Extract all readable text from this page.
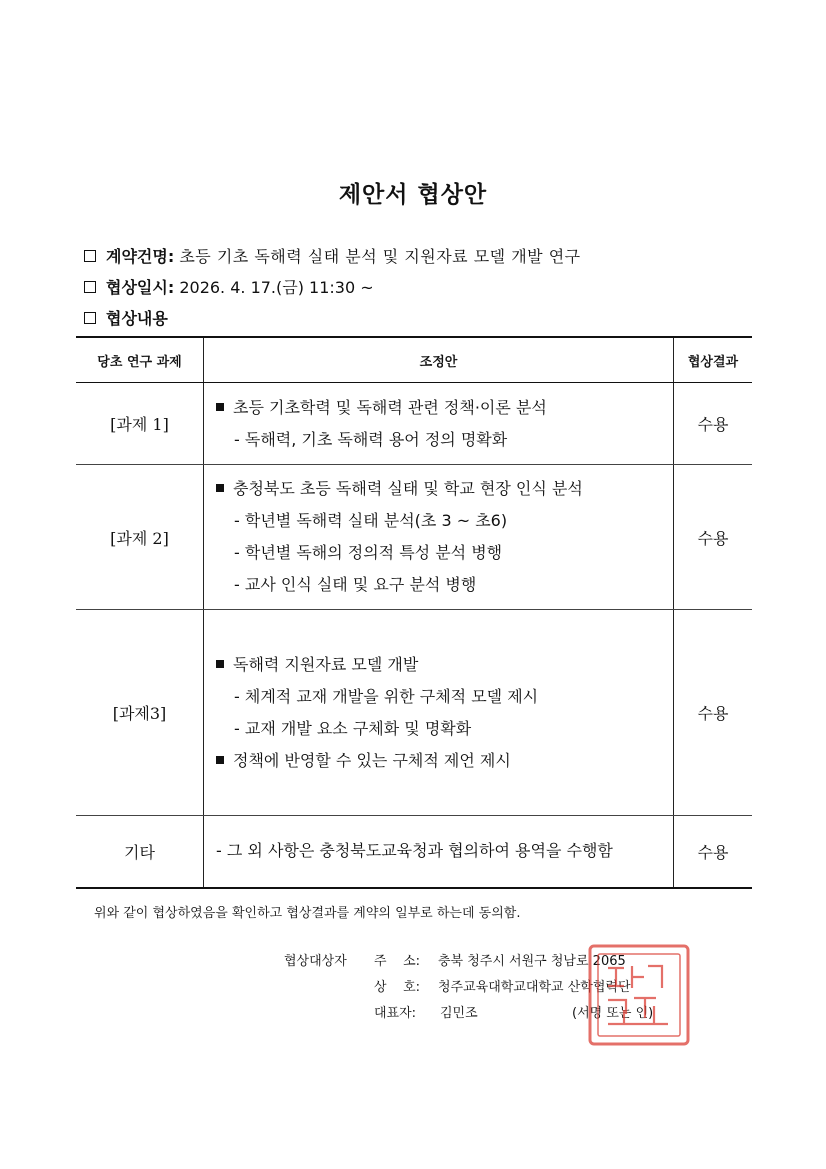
제안서 협상안
계약건명:
초등 기초 독해력 실태 분석 및 지원자료 모델 개발 연구
협상일시:
2026. 4. 17.(금) 11:30 ~
협상내용
당초 연구 과제	조정안	협상결과
[과제 1]	초등 기초학력 및 독해력 관련 정책·이론 분석
- 독해력, 기초 독해력 용어 정의 명확화	수용
[과제 2]	충청북도 초등 독해력 실태 및 학교 현장 인식 분석
- 학년별 독해력 실태 분석(초 3 ~ 초6)
- 학년별 독해의 정의적 특성 분석 병행
- 교사 인식 실태 및 요구 분석 병행	수용
[과제3]	독해력 지원자료 모델 개발
- 체계적 교재 개발을 위한 구체적 모델 제시
- 교재 개발 요소 구체화 및 명확화
정책에 반영할 수 있는 구체적 제언 제시	수용
기타	- 그 외 사항은 충청북도교육청과 협의하여 용역을 수행함	수용
위와 같이 협상하였음을 확인하고 협상결과를 계약의 일부로 하는데 동의함.
협상대상자 주    소: 충북 청주시 서원구 청남로 2065
상    호: 청주교육대학교대학교 산학협력단
대표자: 김민조	(서명 또는 인)
